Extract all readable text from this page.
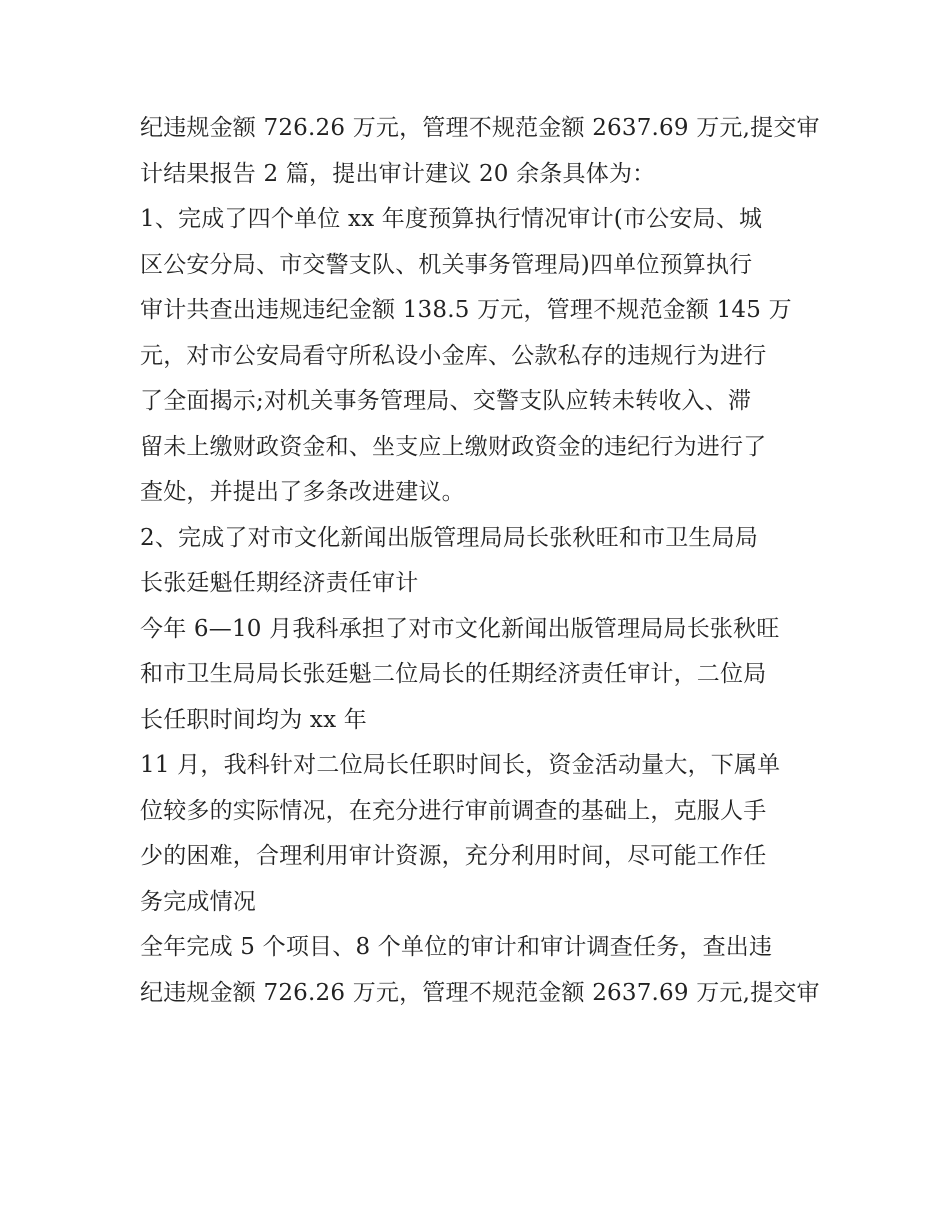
纪违规金额 726.26 万元，管理不规范金额 2637.69 万元,提交审
计结果报告 2 篇，提出审计建议 20 余条具体为：
1、完成了四个单位 xx 年度预算执行情况审计(市公安局、城
区公安分局、市交警支队、机关事务管理局)四单位预算执行
审计共查出违规违纪金额 138.5 万元，管理不规范金额 145 万
元，对市公安局看守所私设小金库、公款私存的违规行为进行
了全面揭示;对机关事务管理局、交警支队应转未转收入、滞
留未上缴财政资金和、坐支应上缴财政资金的违纪行为进行了
查处，并提出了多条改进建议。
2、完成了对市文化新闻出版管理局局长张秋旺和市卫生局局
长张廷魁任期经济责任审计
今年 6—10 月我科承担了对市文化新闻出版管理局局长张秋旺
和市卫生局局长张廷魁二位局长的任期经济责任审计，二位局
长任职时间均为 xx 年
11 月，我科针对二位局长任职时间长，资金活动量大，下属单
位较多的实际情况，在充分进行审前调查的基础上，克服人手
少的困难，合理利用审计资源，充分利用时间，尽可能工作任
务完成情况
全年完成 5 个项目、8 个单位的审计和审计调查任务，查出违
纪违规金额 726.26 万元，管理不规范金额 2637.69 万元,提交审
